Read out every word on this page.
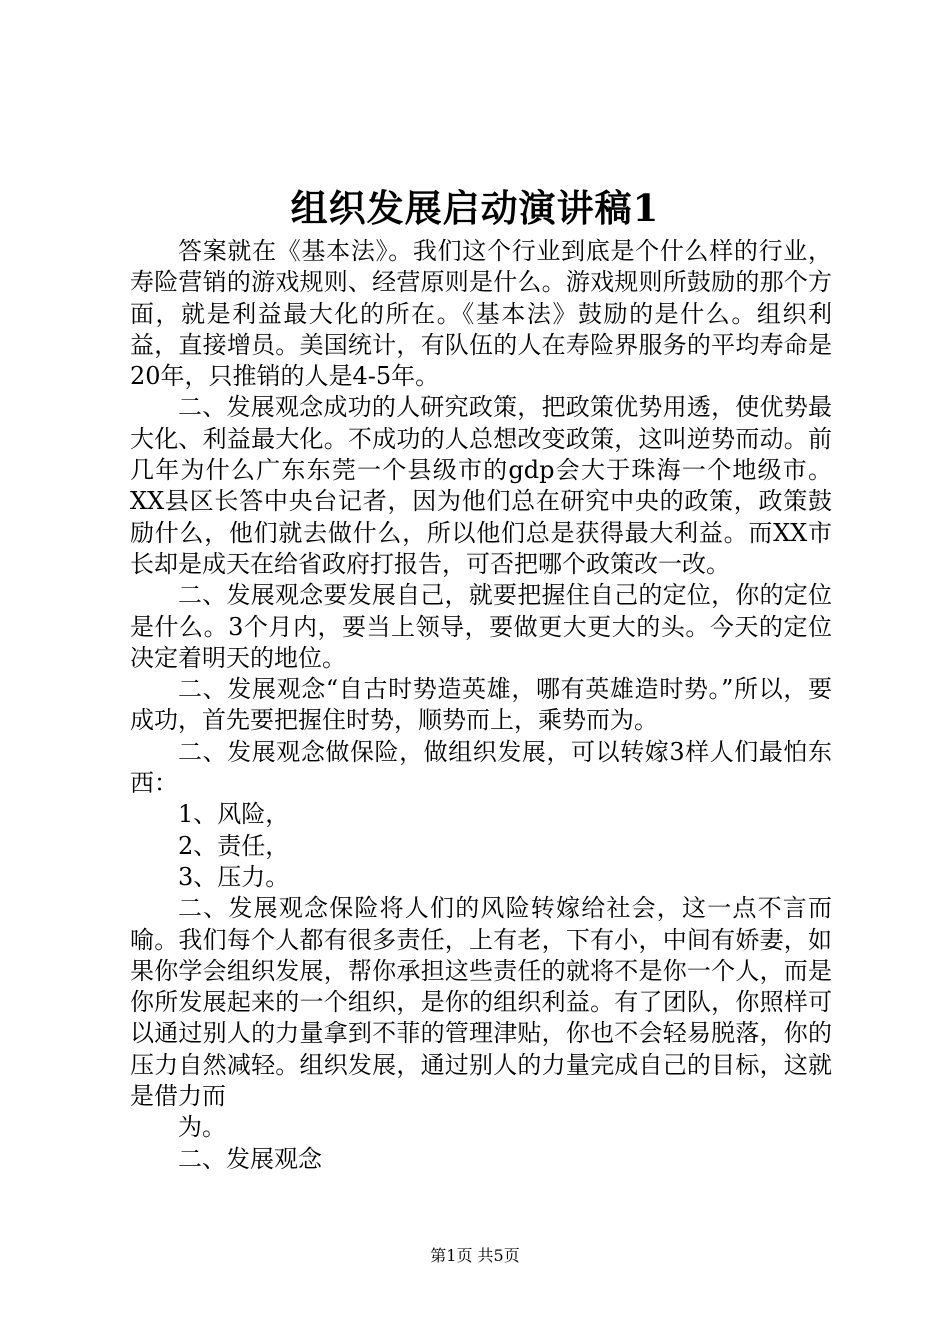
组织发展启动演讲稿1

答案就在《基本法》。我们这个行业到底是个什么样的行业，寿险营销的游戏规则、经营原则是什么。游戏规则所鼓励的那个方面，就是利益最大化的所在。《基本法》鼓励的是什么。组织利益，直接增员。美国统计，有队伍的人在寿险界服务的平均寿命是20年，只推销的人是4-5年。

二、发展观念成功的人研究政策，把政策优势用透，使优势最大化、利益最大化。不成功的人总想改变政策，这叫逆势而动。前几年为什么广东东莞一个县级市的gdp会大于珠海一个地级市。XX县区长答中央台记者，因为他们总在研究中央的政策，政策鼓励什么，他们就去做什么，所以他们总是获得最大利益。而XX市长却是成天在给省政府打报告，可否把哪个政策改一改。

二、发展观念要发展自己，就要把握住自己的定位，你的定位是什么。3个月内，要当上领导，要做更大更大的头。今天的定位决定着明天的地位。

二、发展观念“自古时势造英雄，哪有英雄造时势。”所以，要成功，首先要把握住时势，顺势而上，乘势而为。

二、发展观念做保险，做组织发展，可以转嫁3样人们最怕东西：

1、风险，

2、责任，

3、压力。

二、发展观念保险将人们的风险转嫁给社会，这一点不言而喻。我们每个人都有很多责任，上有老，下有小，中间有娇妻，如果你学会组织发展，帮你承担这些责任的就将不是你一个人，而是你所发展起来的一个组织，是你的组织利益。有了团队，你照样可以通过别人的力量拿到不菲的管理津贴，你也不会轻易脱落，你的压力自然减轻。组织发展，通过别人的力量完成自己的目标，这就是借力而

为。

二、发展观念

第1页 共5页
